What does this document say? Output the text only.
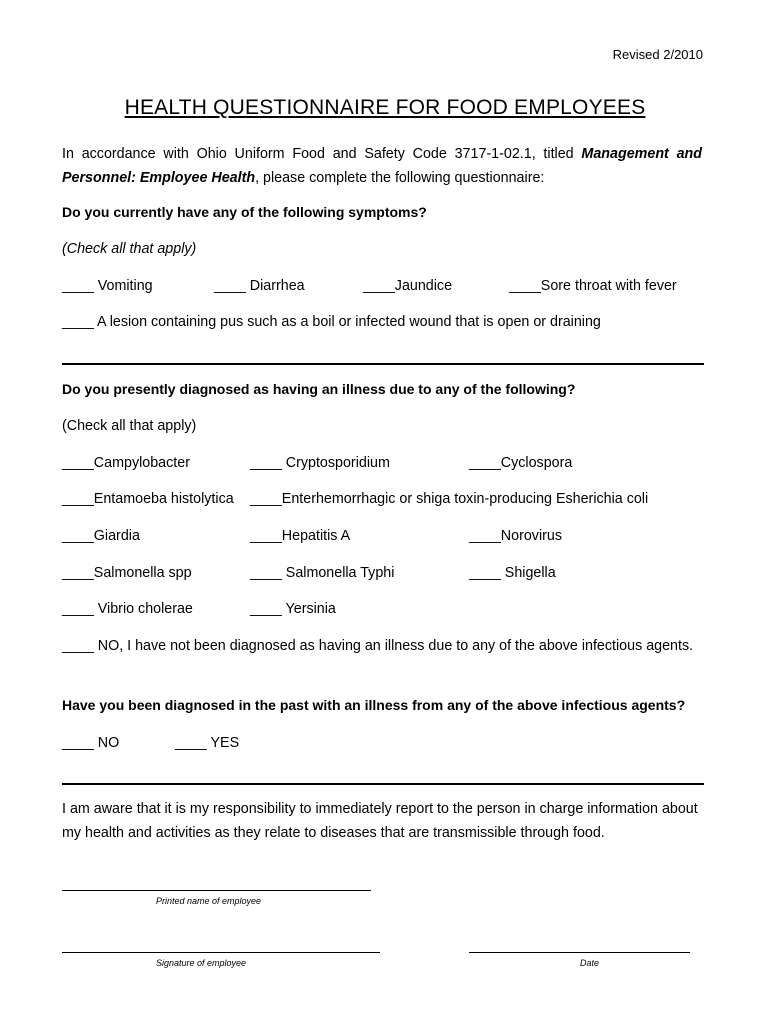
Revised 2/2010
HEALTH QUESTIONNAIRE FOR FOOD EMPLOYEES
In accordance with Ohio Uniform Food and Safety Code 3717-1-02.1, titled Management and Personnel: Employee Health, please complete the following questionnaire:
Do you currently have any of the following symptoms?
(Check all that apply)
____ Vomiting	____ Diarrhea	____Jaundice	____Sore throat with fever
____ A lesion containing pus such as a boil or infected wound that is open or draining
Do you presently diagnosed as having an illness due to any of the following?
(Check all that apply)
____Campylobacter	____ Cryptosporidium	____Cyclospora
____Entamoeba histolytica ____Enterhemorrhagic or shiga toxin-producing Esherichia coli
____Giardia	____Hepatitis A	____Norovirus
____Salmonella spp	____ Salmonella Typhi	____ Shigella
____ Vibrio cholerae	____ Yersinia
____ NO, I have not been diagnosed as having an illness due to any of the above infectious agents.
Have you been diagnosed in the past with an illness from any of the above infectious agents?
____ NO	____ YES
I am aware that it is my responsibility to immediately report to the person in charge information about my health and activities as they relate to diseases that are transmissible through food.
Printed name of employee
Signature of employee	Date
